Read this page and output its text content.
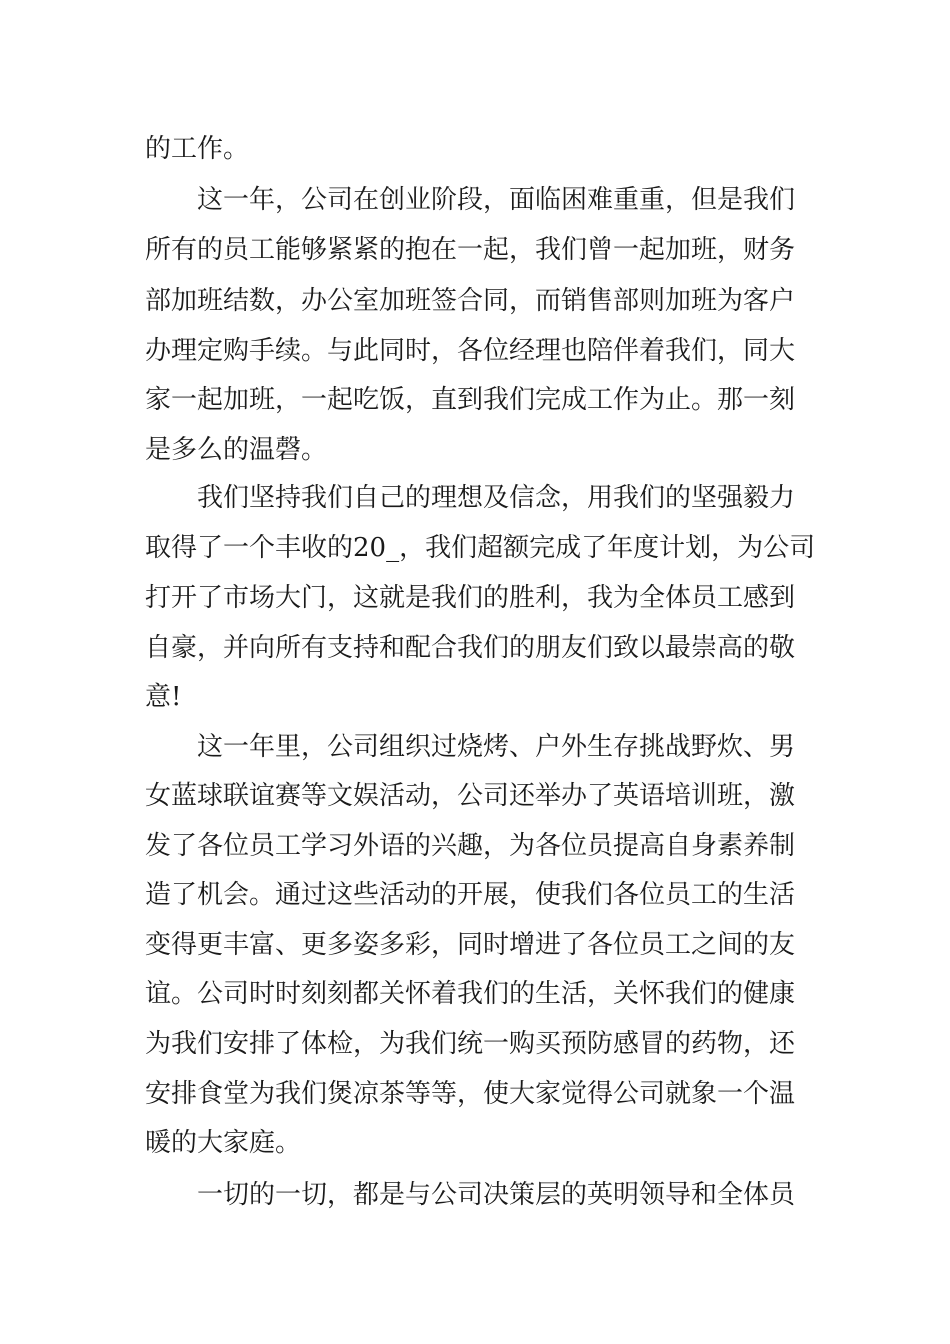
的工作。
这一年，公司在创业阶段，面临困难重重，但是我们
所有的员工能够紧紧的抱在一起，我们曾一起加班，财务
部加班结数，办公室加班签合同，而销售部则加班为客户
办理定购手续。与此同时，各位经理也陪伴着我们，同大
家一起加班，一起吃饭，直到我们完成工作为止。那一刻
是多么的温磬。
我们坚持我们自己的理想及信念，用我们的坚强毅力
取得了一个丰收的20_，我们超额完成了年度计划，为公司
打开了市场大门，这就是我们的胜利，我为全体员工感到
自豪，并向所有支持和配合我们的朋友们致以最崇高的敬
意!
这一年里，公司组织过烧烤、户外生存挑战野炊、男
女蓝球联谊赛等文娱活动，公司还举办了英语培训班，激
发了各位员工学习外语的兴趣，为各位员提高自身素养制
造了机会。通过这些活动的开展，使我们各位员工的生活
变得更丰富、更多姿多彩，同时增进了各位员工之间的友
谊。公司时时刻刻都关怀着我们的生活，关怀我们的健康
为我们安排了体检，为我们统一购买预防感冒的药物，还
安排食堂为我们煲凉茶等等，使大家觉得公司就象一个温
暖的大家庭。
一切的一切，都是与公司决策层的英明领导和全体员
